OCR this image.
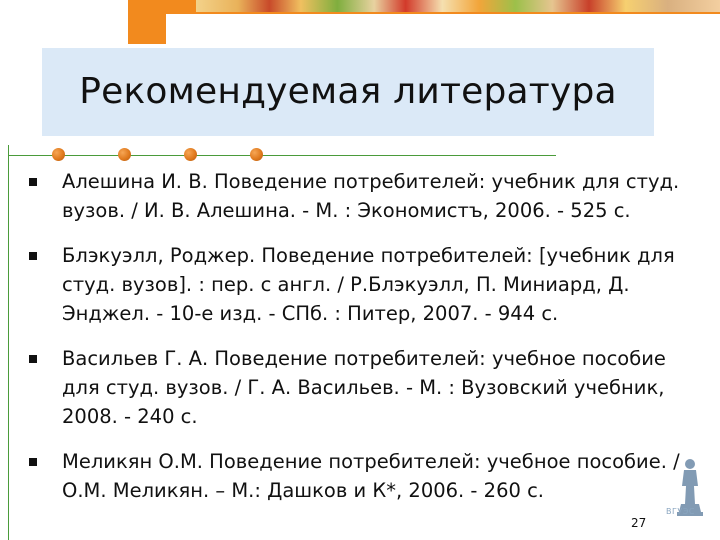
Рекомендуемая литература
Алешина И. В. Поведение потребителей: учебник для студ. вузов. / И. В. Алешина. - М. : Экономистъ, 2006. - 525 с.
Блэкуэлл, Роджер. Поведение потребителей: [учебник для студ. вузов]. : пер. с англ. / Р.Блэкуэлл, П. Миниард, Д. Энджел. - 10-е изд. - СПб. : Питер, 2007. - 944 с.
Васильев Г. А. Поведение потребителей: учебное пособие для студ. вузов. / Г. А. Васильев. - М. : Вузовский учебник, 2008. - 240 с.
Меликян О.М. Поведение потребителей: учебное пособие. / О.М. Меликян. – М.: Дашков и К*, 2006. - 260 с.
ВГУЭС
27
